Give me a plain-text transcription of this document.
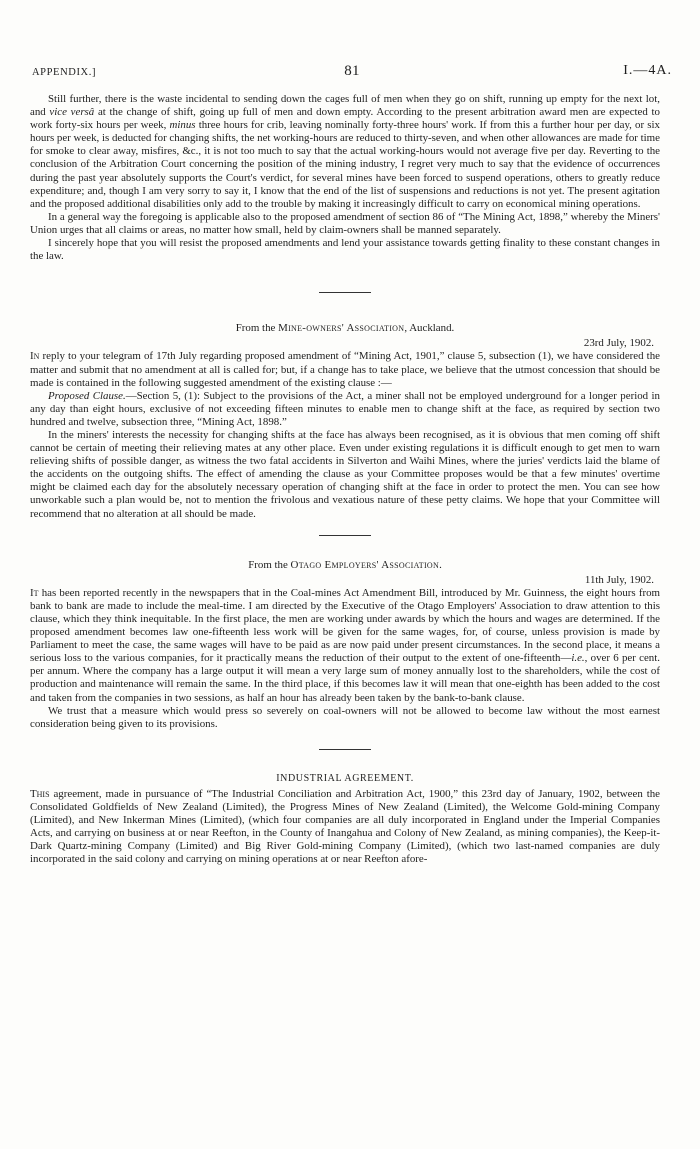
APPENDIX.]	81	I.—4A.

Still further, there is the waste incidental to sending down the cages full of men when they go on shift, running up empty for the next lot, and vice versâ at the change of shift, going up full of men and down empty. According to the present arbitration award men are expected to work forty-six hours per week, minus three hours for crib, leaving nominally forty-three hours' work. If from this a further hour per day, or six hours per week, is deducted for changing shifts, the net working-hours are reduced to thirty-seven, and when other allowances are made for time for smoke to clear away, misfires, &c., it is not too much to say that the actual working-hours would not average five per day. Reverting to the conclusion of the Arbitration Court concerning the position of the mining industry, I regret very much to say that the evidence of occurrences during the past year absolutely supports the Court's verdict, for several mines have been forced to suspend operations, others to greatly reduce expenditure; and, though I am very sorry to say it, I know that the end of the list of suspensions and reductions is not yet. The present agitation and the proposed additional disabilities only add to the trouble by making it increasingly difficult to carry on economical mining operations.

In a general way the foregoing is applicable also to the proposed amendment of section 86 of “The Mining Act, 1898,” whereby the Miners' Union urges that all claims or areas, no matter how small, held by claim-owners shall be manned separately.

I sincerely hope that you will resist the proposed amendments and lend your assistance towards getting finality to these constant changes in the law.

From the Mine-owners' Association, Auckland.
23rd July, 1902.

In reply to your telegram of 17th July regarding proposed amendment of “Mining Act, 1901,” clause 5, subsection (1), we have considered the matter and submit that no amendment at all is called for; but, if a change has to take place, we believe that the utmost concession that should be made is contained in the following suggested amendment of the existing clause :—

Proposed Clause.—Section 5, (1): Subject to the provisions of the Act, a miner shall not be employed underground for a longer period in any day than eight hours, exclusive of not exceeding fifteen minutes to enable men to change shift at the face, as required by section two hundred and twelve, subsection three, “Mining Act, 1898.”

In the miners' interests the necessity for changing shifts at the face has always been recognised, as it is obvious that men coming off shift cannot be certain of meeting their relieving mates at any other place. Even under existing regulations it is difficult enough to get men to warn relieving shifts of possible danger, as witness the two fatal accidents in Silverton and Waihi Mines, where the juries' verdicts laid the blame of the accidents on the outgoing shifts. The effect of amending the clause as your Committee proposes would be that a few minutes' overtime might be claimed each day for the absolutely necessary operation of changing shift at the face in order to protect the men. You can see how unworkable such a plan would be, not to mention the frivolous and vexatious nature of these petty claims. We hope that your Committee will recommend that no alteration at all should be made.

From the Otago Employers' Association.
11th July, 1902.

It has been reported recently in the newspapers that in the Coal-mines Act Amendment Bill, introduced by Mr. Guinness, the eight hours from bank to bank are made to include the meal-time. I am directed by the Executive of the Otago Employers' Association to draw attention to this clause, which they think inequitable. In the first place, the men are working under awards by which the hours and wages are determined. If the proposed amendment becomes law one-fifteenth less work will be given for the same wages, for, of course, unless provision is made by Parliament to meet the case, the same wages will have to be paid as are now paid under present circumstances. In the second place, it means a serious loss to the various companies, for it practically means the reduction of their output to the extent of one-fifteenth—i.e., over 6 per cent. per annum. Where the company has a large output it will mean a very large sum of money annually lost to the shareholders, while the cost of production and maintenance will remain the same. In the third place, if this becomes law it will mean that one-eighth has been added to the cost and taken from the companies in two sessions, as half an hour has already been taken by the bank-to-bank clause.

We trust that a measure which would press so severely on coal-owners will not be allowed to become law without the most earnest consideration being given to its provisions.

INDUSTRIAL AGREEMENT.

This agreement, made in pursuance of “The Industrial Conciliation and Arbitration Act, 1900,” this 23rd day of January, 1902, between the Consolidated Goldfields of New Zealand (Limited), the Progress Mines of New Zealand (Limited), the Welcome Gold-mining Company (Limited), and New Inkerman Mines (Limited), (which four companies are all duly incorporated in England under the Imperial Companies Acts, and carrying on business at or near Reefton, in the County of Inangahua and Colony of New Zealand, as mining companies), the Keep-it-Dark Quartz-mining Company (Limited) and Big River Gold-mining Company (Limited), (which two last-named companies are duly incorporated in the said colony and carrying on mining operations at or near Reefton afore-
